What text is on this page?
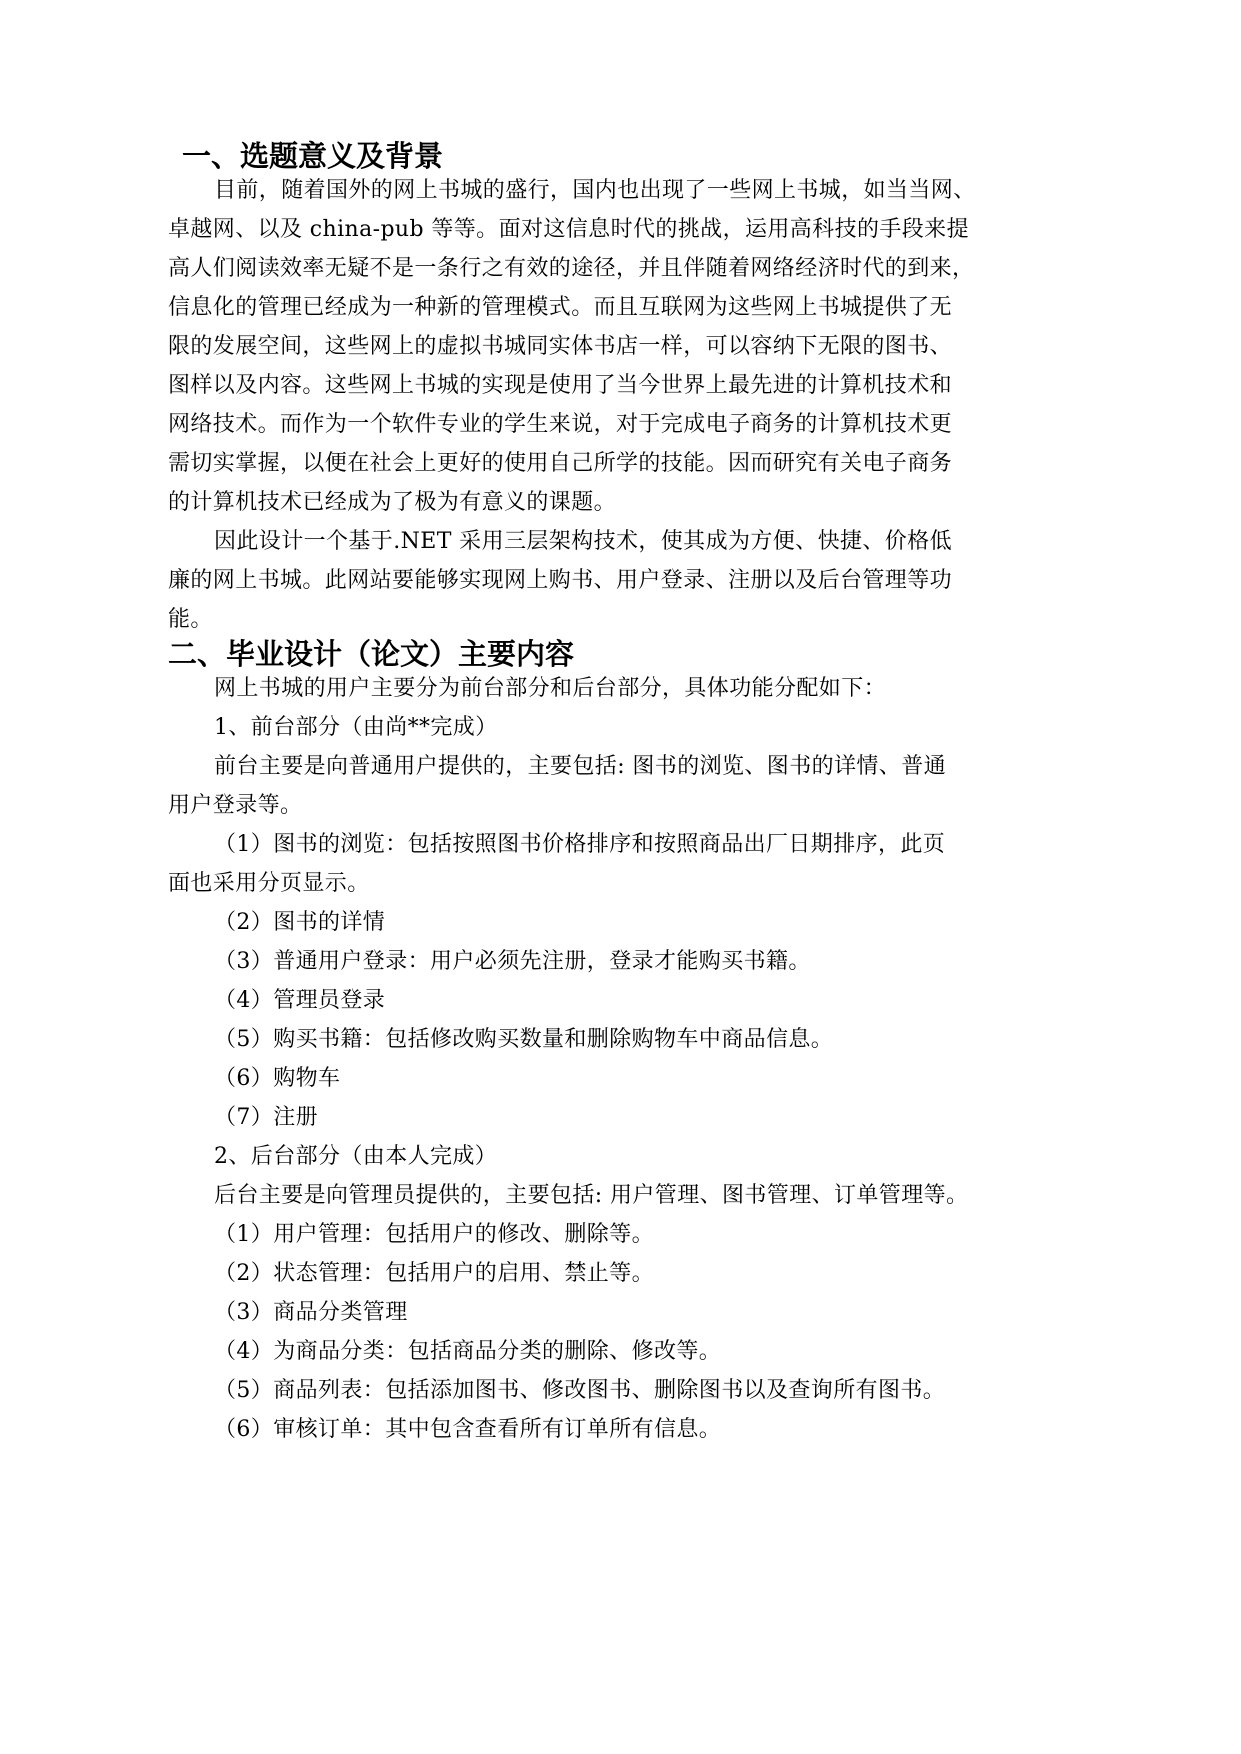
一、选题意义及背景
目前，随着国外的网上书城的盛行，国内也出现了一些网上书城，如当当网、
卓越网、以及 china-pub 等等。面对这信息时代的挑战，运用高科技的手段来提
高人们阅读效率无疑不是一条行之有效的途径，并且伴随着网络经济时代的到来，
信息化的管理已经成为一种新的管理模式。而且互联网为这些网上书城提供了无
限的发展空间，这些网上的虚拟书城同实体书店一样，可以容纳下无限的图书、
图样以及内容。这些网上书城的实现是使用了当今世界上最先进的计算机技术和
网络技术。而作为一个软件专业的学生来说，对于完成电子商务的计算机技术更
需切实掌握，以便在社会上更好的使用自己所学的技能。因而研究有关电子商务
的计算机技术已经成为了极为有意义的课题。
因此设计一个基于.NET 采用三层架构技术，使其成为方便、快捷、价格低
廉的网上书城。此网站要能够实现网上购书、用户登录、注册以及后台管理等功
能。
二、毕业设计（论文）主要内容
网上书城的用户主要分为前台部分和后台部分，具体功能分配如下：
1、前台部分（由尚**完成）
前台主要是向普通用户提供的，主要包括: 图书的浏览、图书的详情、普通
用户登录等。
（1）图书的浏览：包括按照图书价格排序和按照商品出厂日期排序，此页
面也采用分页显示。
（2）图书的详情
（3）普通用户登录：用户必须先注册，登录才能购买书籍。
（4）管理员登录
（5）购买书籍：包括修改购买数量和删除购物车中商品信息。
（6）购物车
（7）注册
2、后台部分（由本人完成）
后台主要是向管理员提供的，主要包括: 用户管理、图书管理、订单管理等。
（1）用户管理：包括用户的修改、删除等。
（2）状态管理：包括用户的启用、禁止等。
（3）商品分类管理
（4）为商品分类：包括商品分类的删除、修改等。
（5）商品列表：包括添加图书、修改图书、删除图书以及查询所有图书。
（6）审核订单：其中包含查看所有订单所有信息。
